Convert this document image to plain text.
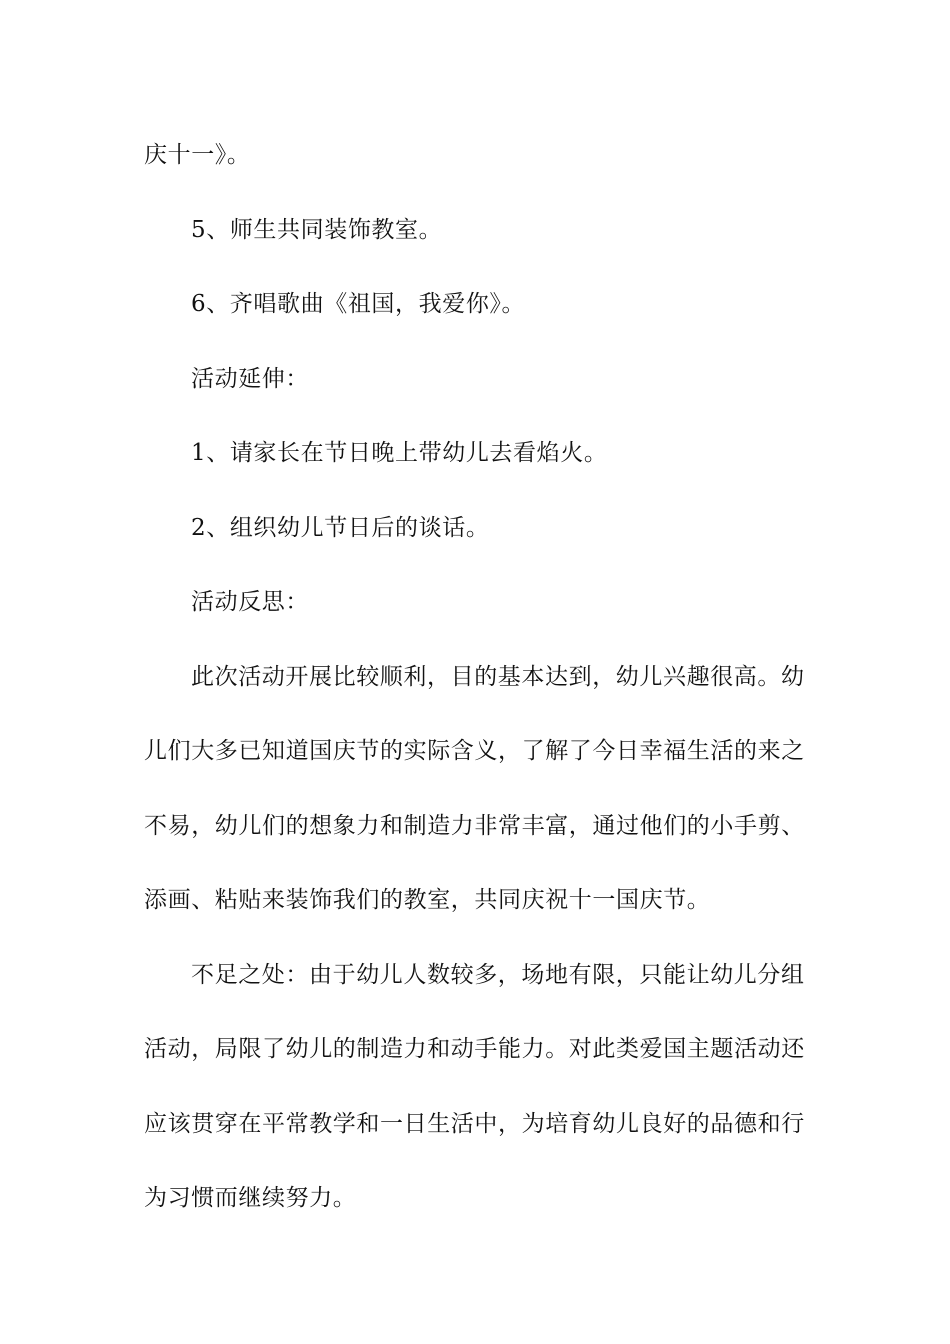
庆十一》。

5、师生共同装饰教室。

6、齐唱歌曲《祖国，我爱你》。

活动延伸：

1、请家长在节日晚上带幼儿去看焰火。

2、组织幼儿节日后的谈话。

活动反思：

此次活动开展比较顺利，目的基本达到，幼儿兴趣很高。幼儿们大多已知道国庆节的实际含义，了解了今日幸福生活的来之不易，幼儿们的想象力和制造力非常丰富，通过他们的小手剪、添画、粘贴来装饰我们的教室，共同庆祝十一国庆节。

不足之处：由于幼儿人数较多，场地有限，只能让幼儿分组活动，局限了幼儿的制造力和动手能力。对此类爱国主题活动还应该贯穿在平常教学和一日生活中，为培育幼儿良好的品德和行为习惯而继续努力。
